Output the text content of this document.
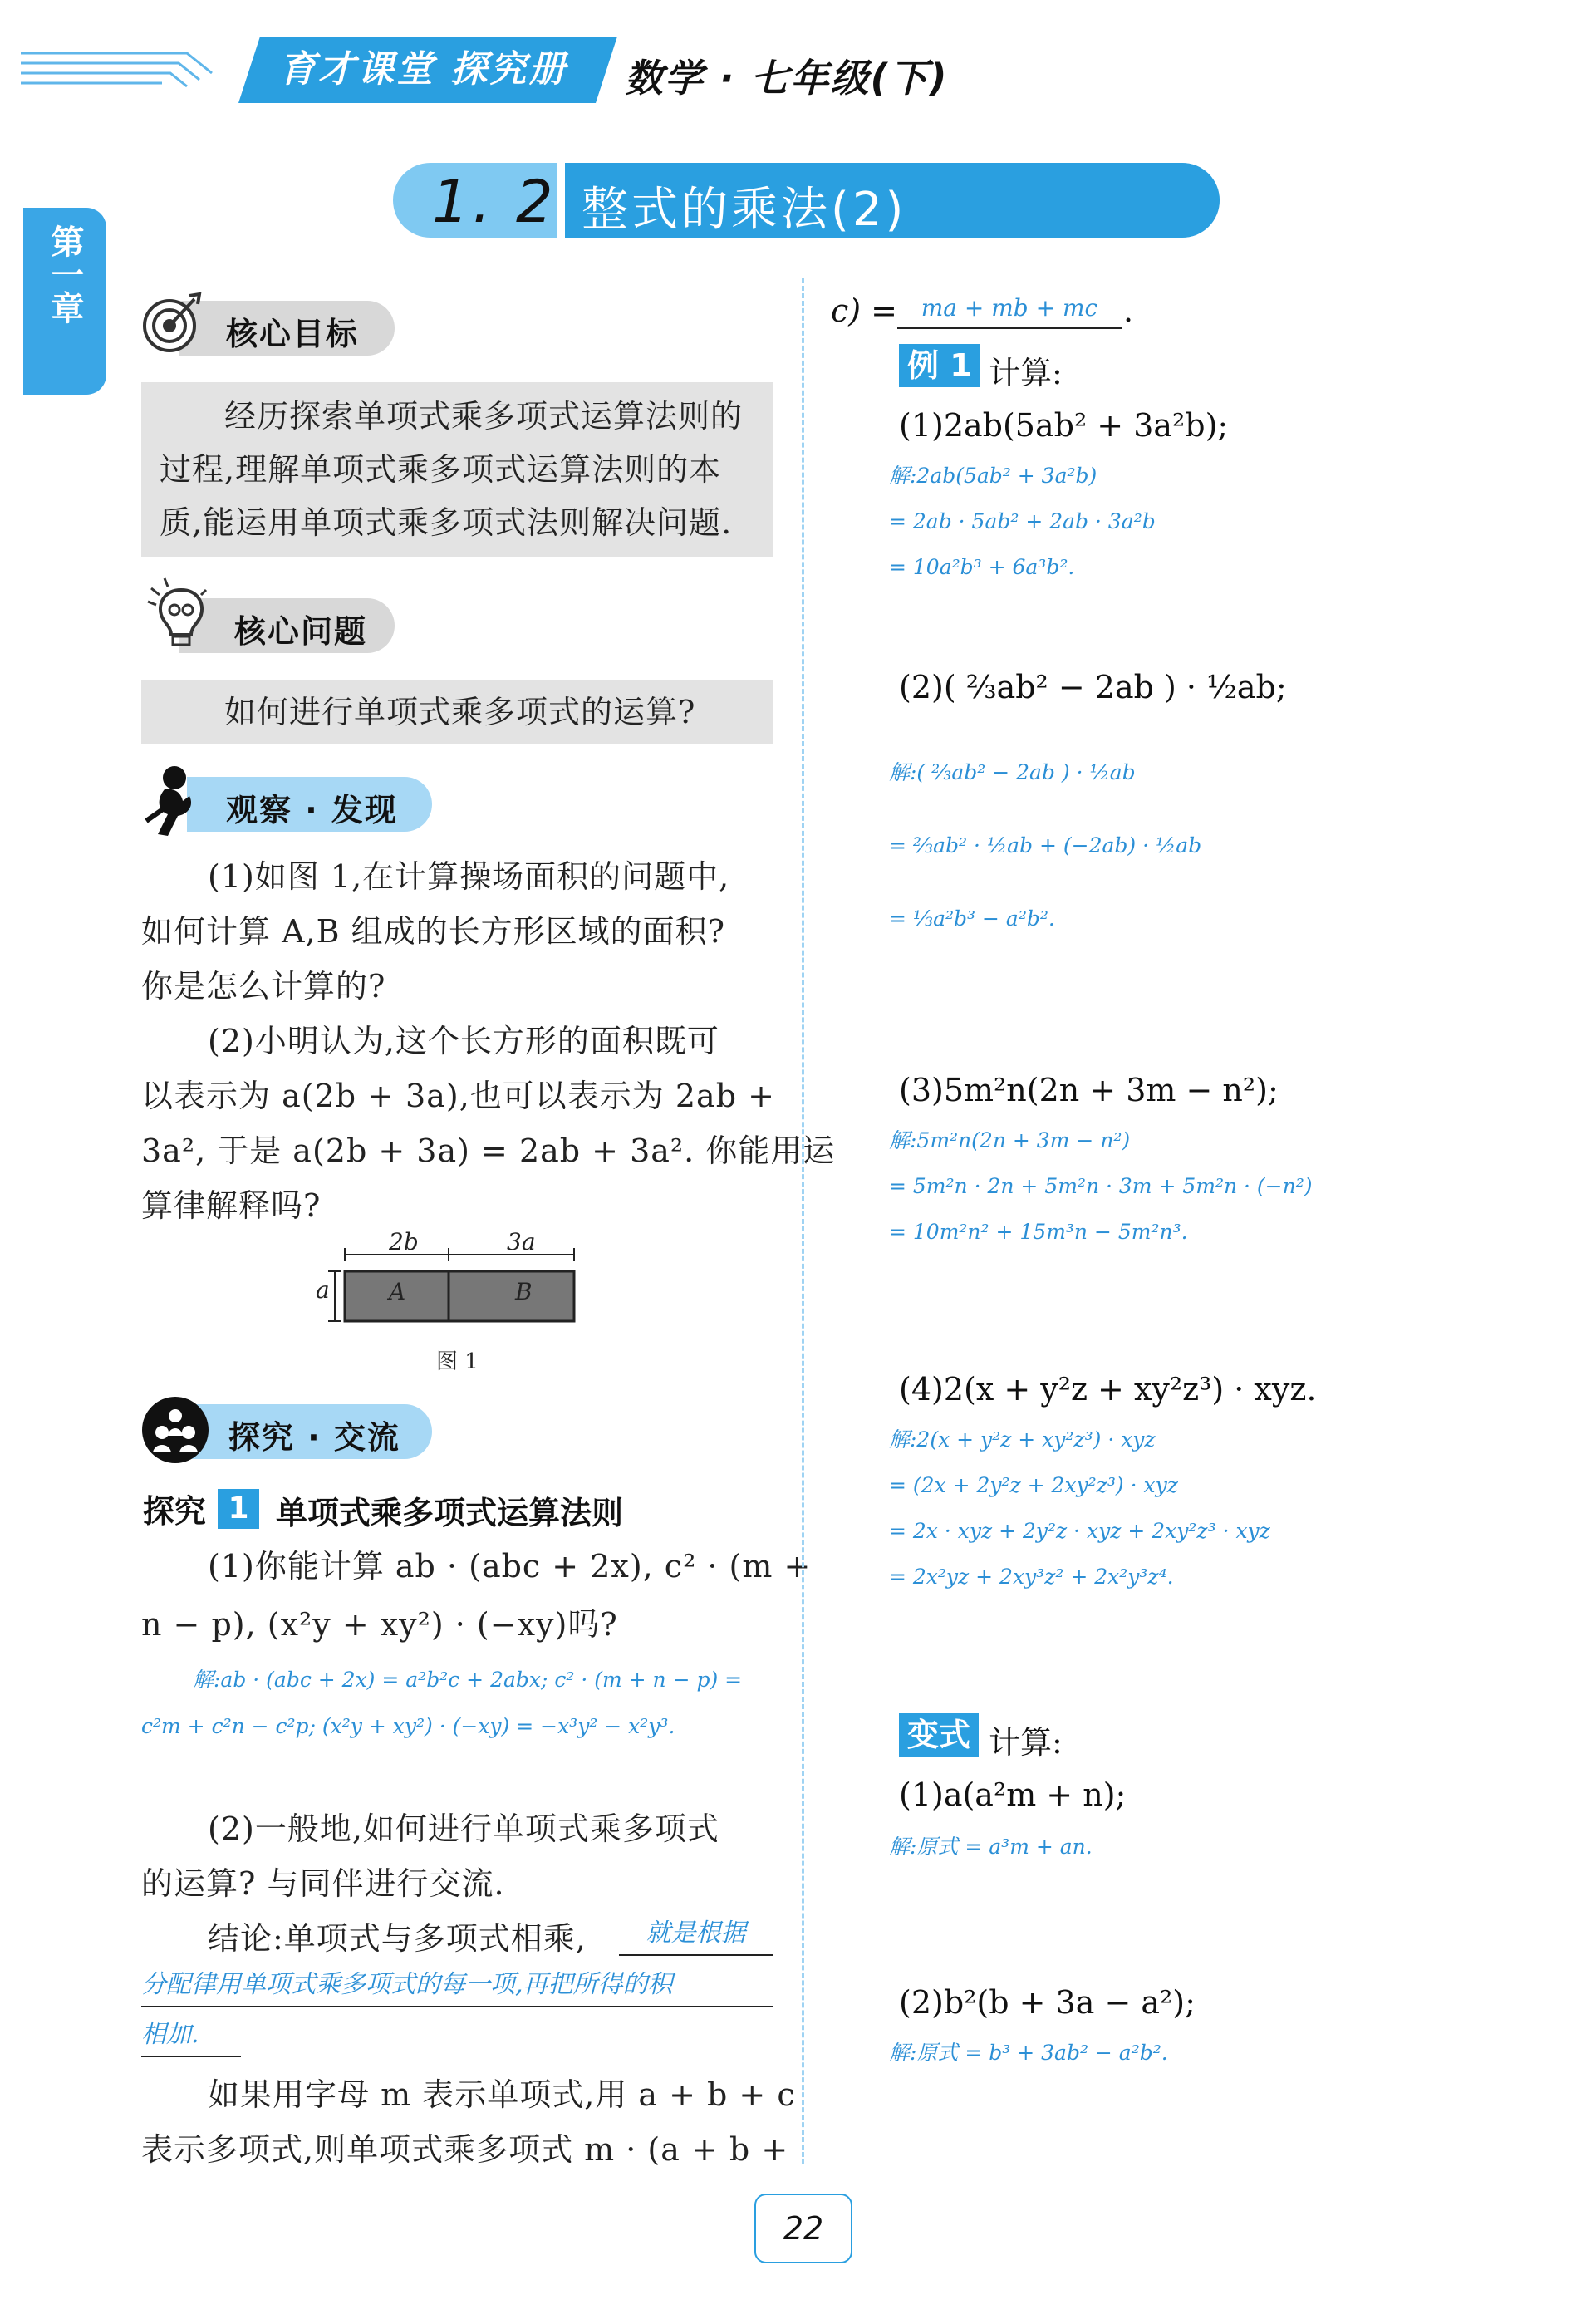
育才课堂 探究册	数学 · 七年级(下)
第一章
1. 2 整式的乘法(2)
核心目标
经历探索单项式乘多项式运算法则的
过程,理解单项式乘多项式运算法则的本
质,能运用单项式乘多项式法则解决问题.
核心问题
如何进行单项式乘多项式的运算?
观察 · 发现
(1)如图 1,在计算操场面积的问题中,
如何计算 A,B 组成的长方形区域的面积?
你是怎么计算的?
(2)小明认为,这个长方形的面积既可
以表示为 a(2b + 3a),也可以表示为 2ab +
3a², 于是 a(2b + 3a) = 2ab + 3a². 你能用运
算律解释吗?
2b	3a
a	A	B
图 1
探究 · 交流
探究 1 单项式乘多项式运算法则
(1)你能计算 ab · (abc + 2x), c² · (m +
n − p), (x²y + xy²) · (−xy)吗?
解:ab · (abc + 2x) = a²b²c + 2abx; c² · (m + n − p) =
c²m + c²n − c²p; (x²y + xy²) · (−xy) = −x³y² − x²y³.
(2)一般地,如何进行单项式乘多项式
的运算? 与同伴进行交流.
结论:单项式与多项式相乘,	就是根据
分配律用单项式乘多项式的每一项,再把所得的积
相加.
如果用字母 m 表示单项式,用 a + b + c
表示多项式,则单项式乘多项式 m · (a + b +
c) =	ma + mb + mc .
例 1 计算:
(1)2ab(5ab² + 3a²b);
解:2ab(5ab² + 3a²b)
= 2ab · 5ab² + 2ab · 3a²b
= 10a²b³ + 6a³b².
(2)( ⅔ab² − 2ab ) · ½ab;
解:( ⅔ab² − 2ab ) · ½ab
= ⅔ab² · ½ab + (−2ab) · ½ab
= ⅓a²b³ − a²b².
(3)5m²n(2n + 3m − n²);
解:5m²n(2n + 3m − n²)
= 5m²n · 2n + 5m²n · 3m + 5m²n · (−n²)
= 10m²n² + 15m³n − 5m²n³.
(4)2(x + y²z + xy²z³) · xyz.
解:2(x + y²z + xy²z³) · xyz
= (2x + 2y²z + 2xy²z³) · xyz
= 2x · xyz + 2y²z · xyz + 2xy²z³ · xyz
= 2x²yz + 2xy³z² + 2x²y³z⁴.
变式 计算:
(1)a(a²m + n);
解:原式 = a³m + an.
(2)b²(b + 3a − a²);
解:原式 = b³ + 3ab² − a²b².
22
